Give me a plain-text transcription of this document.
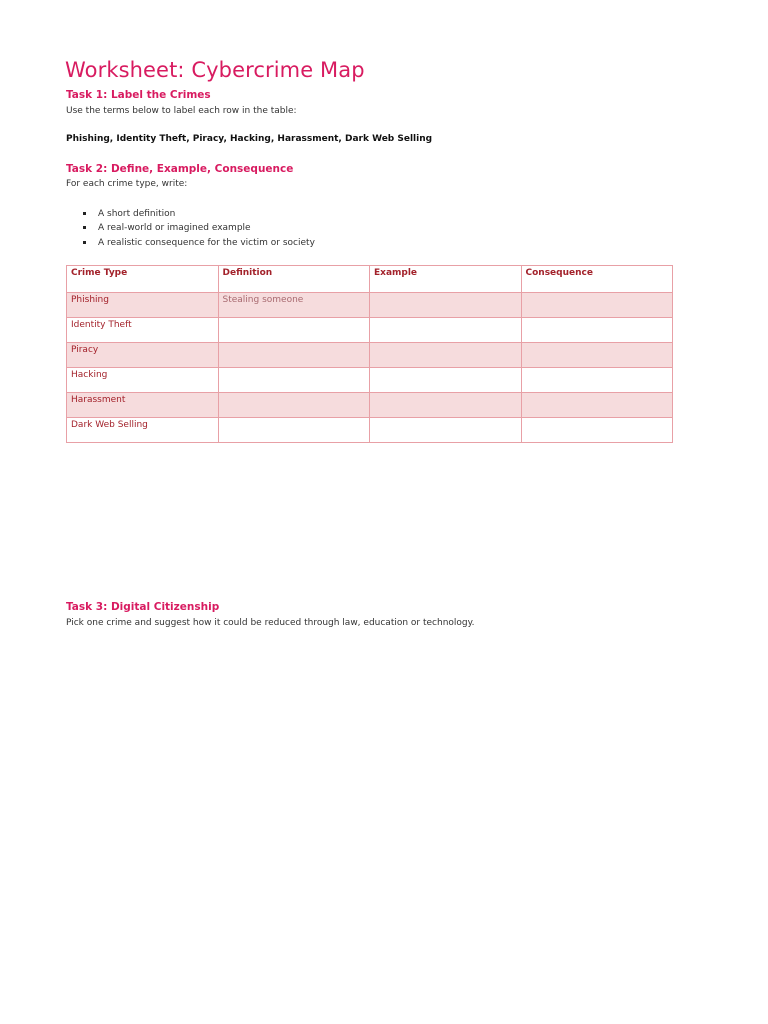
Worksheet: Cybercrime Map
Task 1: Label the Crimes

Use the terms below to label each row in the table:

Phishing, Identity Theft, Piracy, Hacking, Harassment, Dark Web Selling

Task 2: Define, Example, Consequence

For each crime type, write:

A short definition
A real-world or imagined example
A realistic consequence for the victim or society
Crime Type	Definition	Example	Consequence
Phishing	Stealing someone		
Identity Theft			
Piracy			
Hacking			
Harassment			
Dark Web Selling			
Task 3: Digital Citizenship

Pick one crime and suggest how it could be reduced through law, education or technology.
